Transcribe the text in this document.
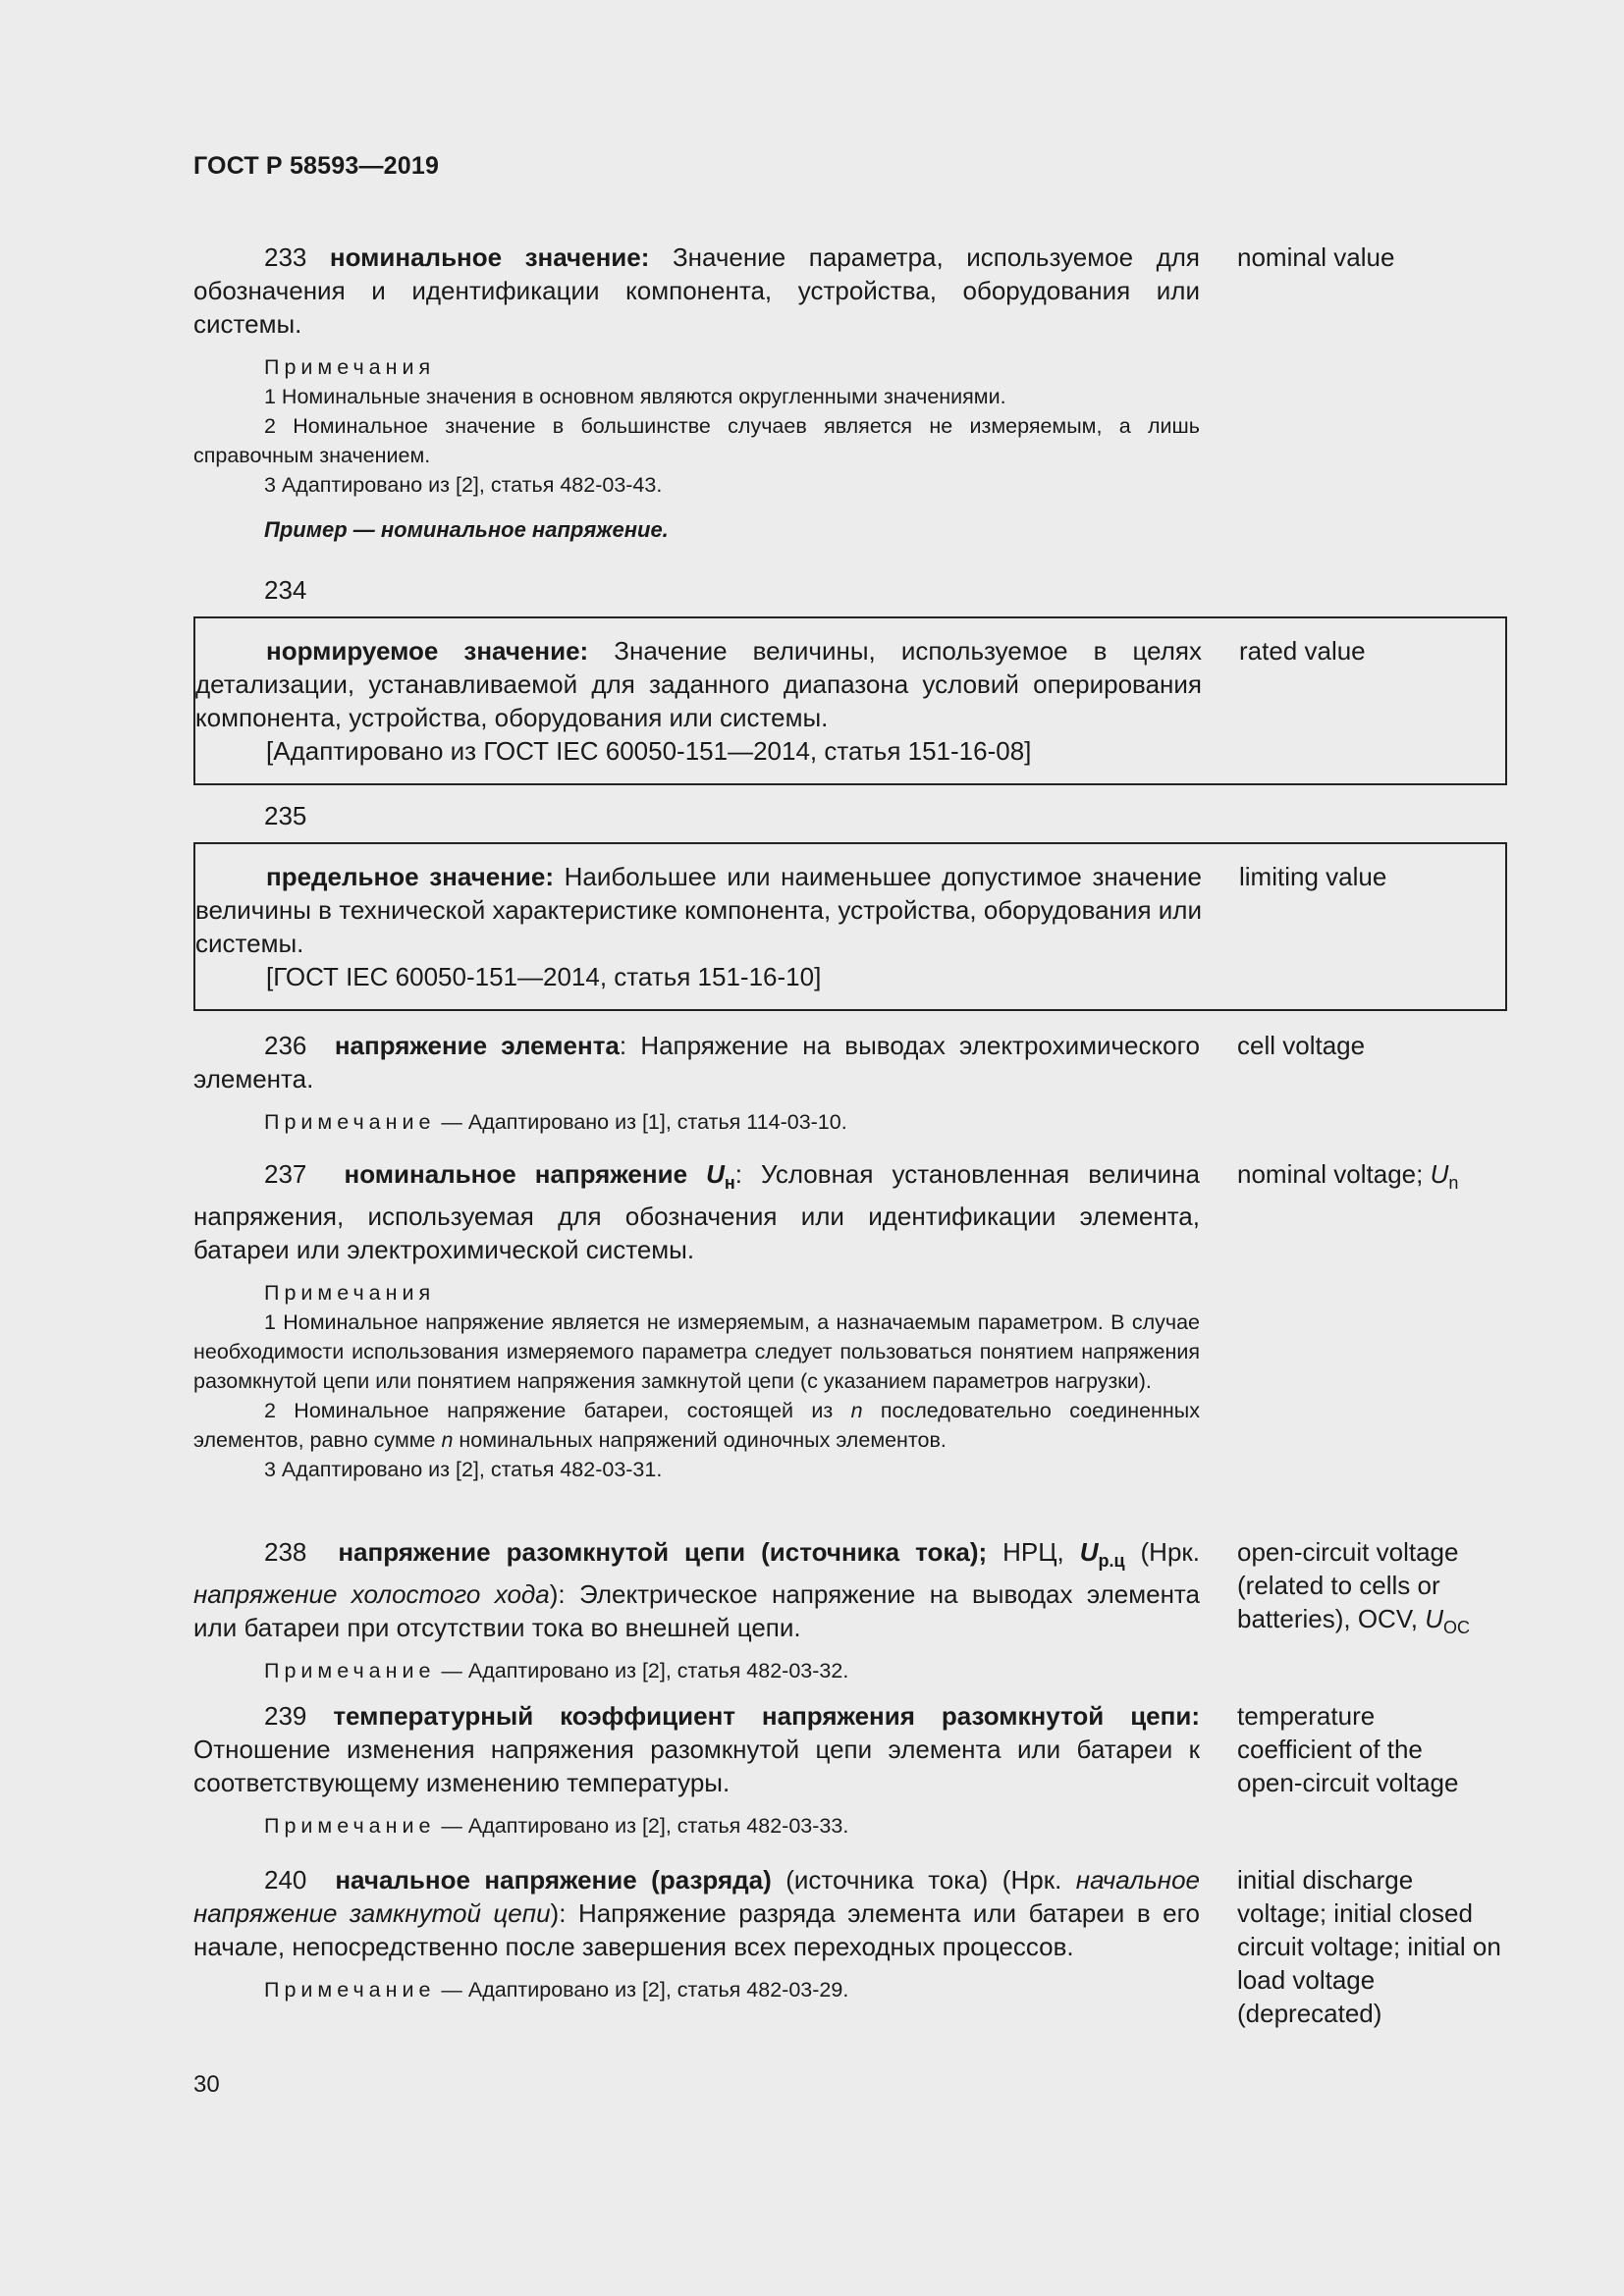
ГОСТ Р 58593—2019
233 номинальное значение: Значение параметра, используемое для обозначения и идентификации компонента, устройства, оборудования или системы.
Примечания
1 Номинальные значения в основном являются округленными значениями.
2 Номинальное значение в большинстве случаев является не измеряемым, а лишь справочным значением.
3 Адаптировано из [2], статья 482-03-43.
Пример — номинальное напряжение.
nominal value
234
нормируемое значение: Значение величины, используемое в целях детализации, устанавливаемой для заданного диапазона условий оперирования компонента, устройства, оборудования или системы.
[Адаптировано из ГОСТ IEC 60050-151—2014, статья 151-16-08]
rated value
235
предельное значение: Наибольшее или наименьшее допустимое значение величины в технической характеристике компонента, устройства, оборудования или системы.
[ГОСТ IEC 60050-151—2014, статья 151-16-10]
limiting value
236 напряжение элемента: Напряжение на выводах электрохимического элемента.
Примечание — Адаптировано из [1], статья 114-03-10.
cell voltage
237 номинальное напряжение $U_н$: Условная установленная величина напряжения, используемая для обозначения или идентификации элемента, батареи или электрохимической системы.
Примечания
1 Номинальное напряжение является не измеряемым, а назначаемым параметром. В случае необходимости использования измеряемого параметра следует пользоваться понятием напряжения разомкнутой цепи или понятием напряжения замкнутой цепи (с указанием параметров нагрузки).
2 Номинальное напряжение батареи, состоящей из n последовательно соединенных элементов, равно сумме n номинальных напряжений одиночных элементов.
3 Адаптировано из [2], статья 482-03-31.
nominal voltage; $U_n$
238 напряжение разомкнутой цепи (источника тока); НРЦ, $U_{р.ц}$ (Нрк. напряжение холостого хода): Электрическое напряжение на выводах элемента или батареи при отсутствии тока во внешней цепи.
Примечание — Адаптировано из [2], статья 482-03-32.
open-circuit voltage (related to cells or batteries), OCV, $U_{OC}$
239 температурный коэффициент напряжения разомкнутой цепи: Отношение изменения напряжения разомкнутой цепи элемента или батареи к соответствующему изменению температуры.
Примечание — Адаптировано из [2], статья 482-03-33.
temperature coefficient of the open-circuit voltage
240 начальное напряжение (разряда) (источника тока) (Нрк. начальное напряжение замкнутой цепи): Напряжение разряда элемента или батареи в его начале, непосредственно после завершения всех переходных процессов.
Примечание — Адаптировано из [2], статья 482-03-29.
initial discharge voltage; initial closed circuit voltage; initial on load voltage (deprecated)
30
